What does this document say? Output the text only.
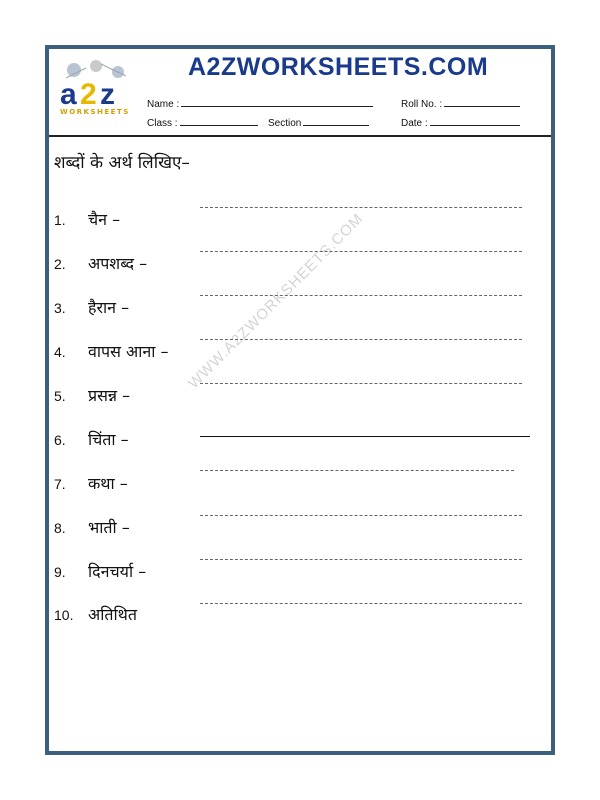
a 2 z
WORKSHEETS
A2ZWORKSHEETS.COM
Name :	Roll No. :
Class :	Section	Date :
शब्दों के अर्थ लिखिए–
WWW.A2ZWORKSHEETS.COM
1. चैन –
2. अपशब्द –
3. हैरान –
4. वापस आना –
5. प्रसन्न –
6. चिंता –
7. कथा –
8. भाती –
9. दिनचर्या –
10. अतिथित
